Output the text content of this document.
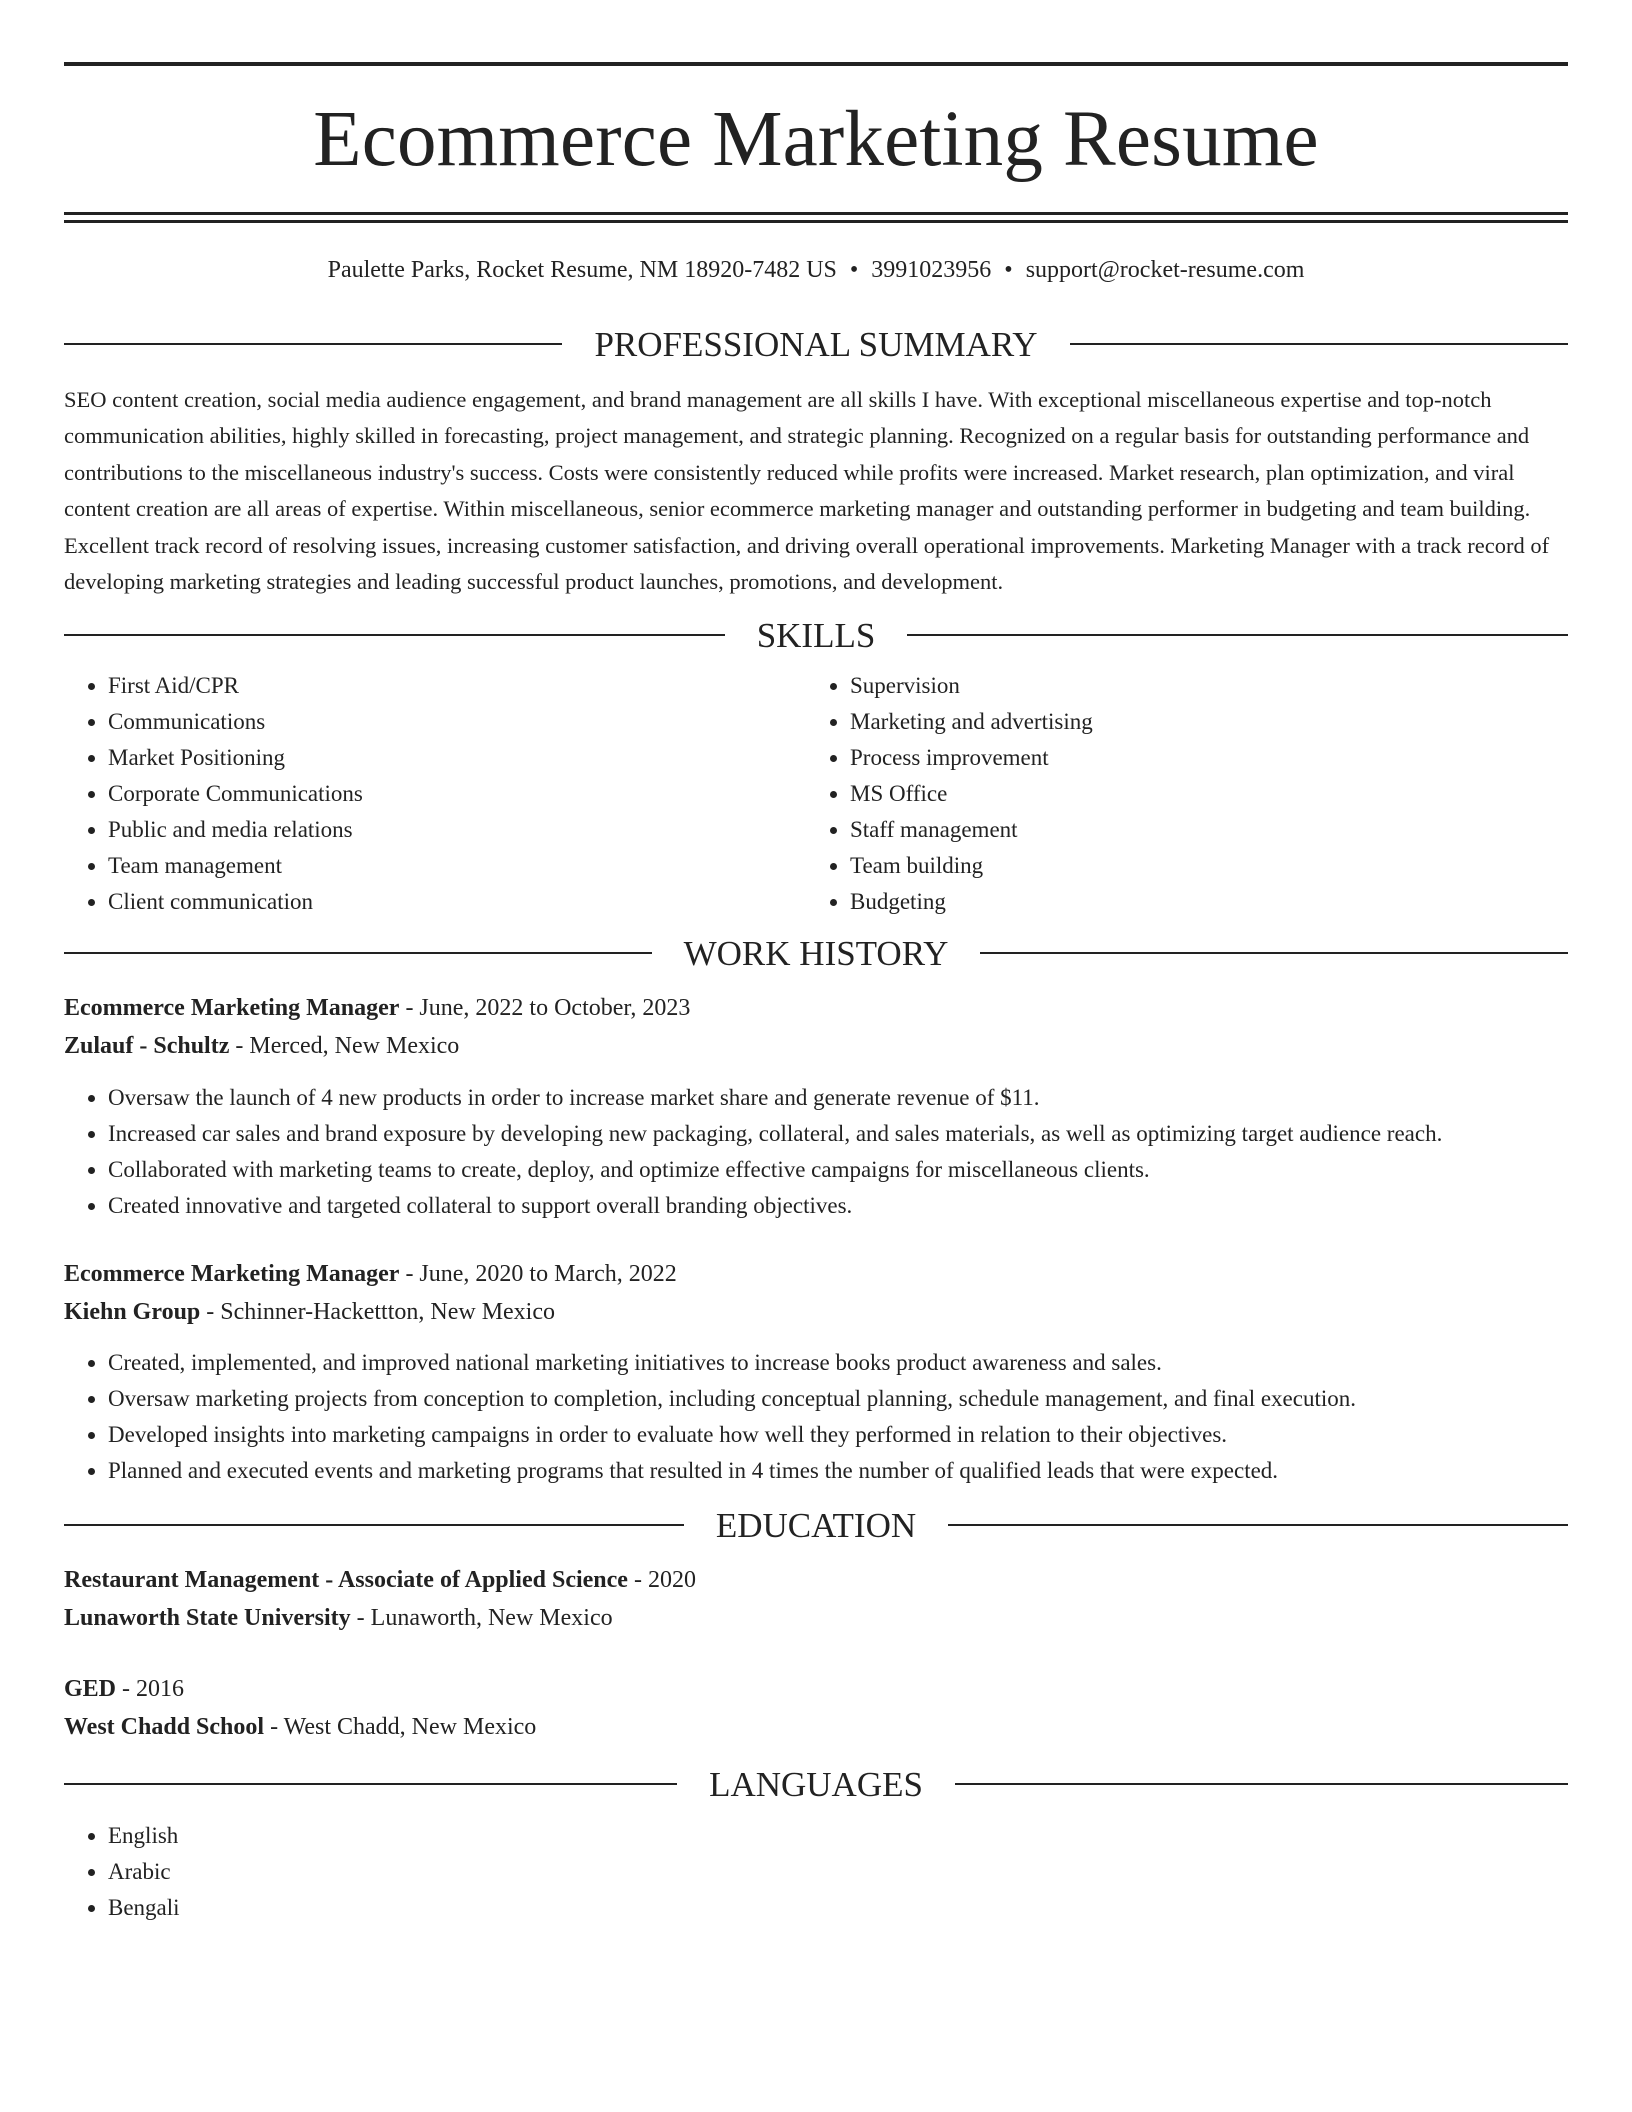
Ecommerce Marketing Resume
Paulette Parks, Rocket Resume, NM 18920-7482 US • 3991023956 • support@rocket-resume.com
PROFESSIONAL SUMMARY

SEO content creation, social media audience engagement, and brand management are all skills I have. With exceptional miscellaneous expertise and top-notch communication abilities, highly skilled in forecasting, project management, and strategic planning. Recognized on a regular basis for outstanding performance and contributions to the miscellaneous industry's success. Costs were consistently reduced while profits were increased. Market research, plan optimization, and viral content creation are all areas of expertise. Within miscellaneous, senior ecommerce marketing manager and outstanding performer in budgeting and team building. Excellent track record of resolving issues, increasing customer satisfaction, and driving overall operational improvements. Marketing Manager with a track record of developing marketing strategies and leading successful product launches, promotions, and development.

SKILLS
• First Aid/CPR
• Communications
• Market Positioning
• Corporate Communications
• Public and media relations
• Team management
• Client communication
• Supervision
• Marketing and advertising
• Process improvement
• MS Office
• Staff management
• Team building
• Budgeting
WORK HISTORY

Ecommerce Marketing Manager - June, 2022 to October, 2023

Zulauf - Schultz - Merced, New Mexico

• Oversaw the launch of 4 new products in order to increase market share and generate revenue of $11.
• Increased car sales and brand exposure by developing new packaging, collateral, and sales materials, as well as optimizing target audience reach.
• Collaborated with marketing teams to create, deploy, and optimize effective campaigns for miscellaneous clients.
• Created innovative and targeted collateral to support overall branding objectives.

Ecommerce Marketing Manager - June, 2020 to March, 2022

Kiehn Group - Schinner-Hackettton, New Mexico

• Created, implemented, and improved national marketing initiatives to increase books product awareness and sales.
• Oversaw marketing projects from conception to completion, including conceptual planning, schedule management, and final execution.
• Developed insights into marketing campaigns in order to evaluate how well they performed in relation to their objectives.
• Planned and executed events and marketing programs that resulted in 4 times the number of qualified leads that were expected.
EDUCATION

Restaurant Management - Associate of Applied Science - 2020

Lunaworth State University - Lunaworth, New Mexico

GED - 2016

West Chadd School - West Chadd, New Mexico

LANGUAGES
• English
• Arabic
• Bengali
